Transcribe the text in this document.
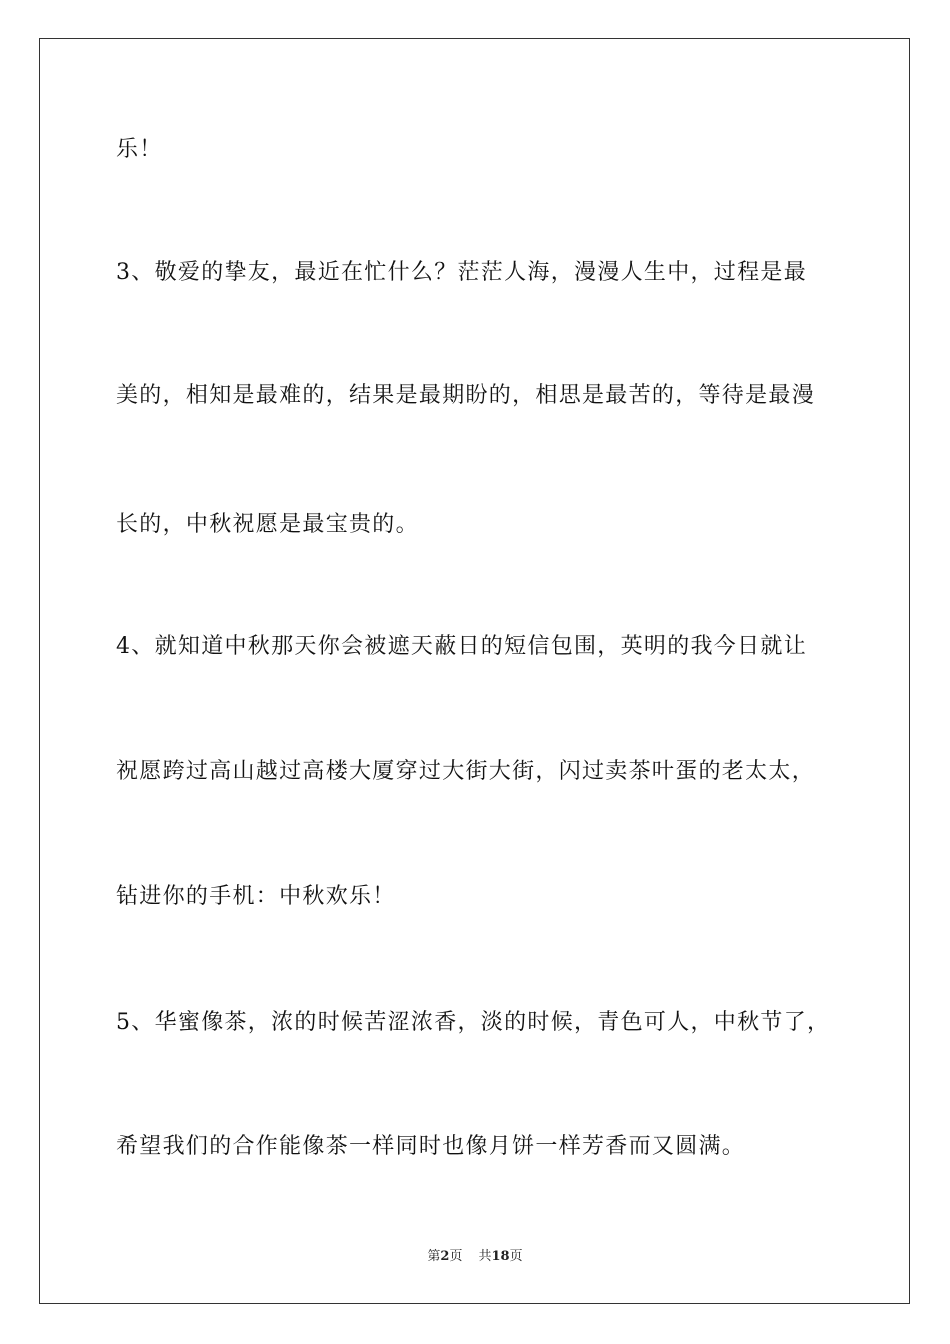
乐！
3、敬爱的挚友，最近在忙什么？茫茫人海，漫漫人生中，过程是最
美的，相知是最难的，结果是最期盼的，相思是最苦的，等待是最漫
长的，中秋祝愿是最宝贵的。
4、就知道中秋那天你会被遮天蔽日的短信包围，英明的我今日就让
祝愿跨过高山越过高楼大厦穿过大街大街，闪过卖茶叶蛋的老太太，
钻进你的手机：中秋欢乐！
5、华蜜像茶，浓的时候苦涩浓香，淡的时候，青色可人，中秋节了，
希望我们的合作能像茶一样同时也像月饼一样芳香而又圆满。
第2页 共18页
